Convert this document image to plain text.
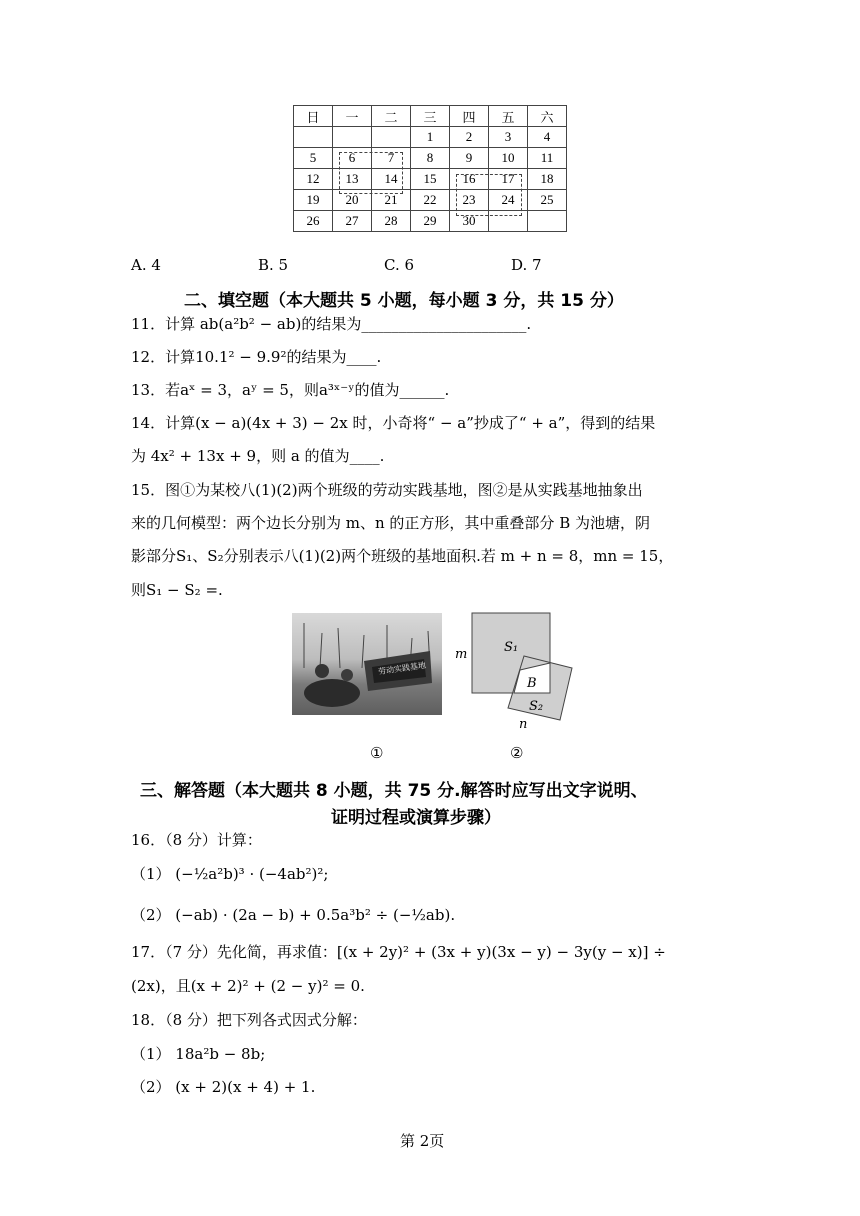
日	一	二	三	四	五	六
			1	2	3	4
5	6	7	8	9	10	11
12	13	14	15	16	17	18
19	20	21	22	23	24	25
26	27	28	29	30		
A. 4	B. 5	C. 6	D. 7
二、填空题（本大题共 5 小题，每小题 3 分，共 15 分）
11．计算 ab(a²b² − ab)的结果为______________________.
12．计算10.1² − 9.9²的结果为____.
13．若aˣ = 3，aʸ = 5，则a³ˣ⁻ʸ的值为______.
14．计算(x − a)(4x + 3) − 2x 时，小奇将“ − a”抄成了“ + a”，得到的结果
为 4x² + 13x + 9，则 a 的值为____.
15．图①为某校八(1)(2)两个班级的劳动实践基地，图②是从实践基地抽象出
来的几何模型：两个边长分别为 m、n 的正方形，其中重叠部分 B 为池塘，阴
影部分S₁、S₂分别表示八(1)(2)两个班级的基地面积.若 m + n = 8，mn = 15，
则S₁ − S₂ =.
劳动实践基地
①
m	S₁
B
S₂
n
②
三、解答题（本大题共 8 小题，共 75 分.解答时应写出文字说明、
证明过程或演算步骤）
16．（8 分）计算：
（1） (−½a²b)³ · (−4ab²)²;
（2） (−ab) · (2a − b) + 0.5a³b² ÷ (−½ab).
17．（7 分）先化简，再求值：[(x + 2y)² + (3x + y)(3x − y) − 3y(y − x)] ÷
(2x)，且(x + 2)² + (2 − y)² = 0.
18．（8 分）把下列各式因式分解：
（1） 18a²b − 8b;
（2） (x + 2)(x + 4) + 1.
第 2页
